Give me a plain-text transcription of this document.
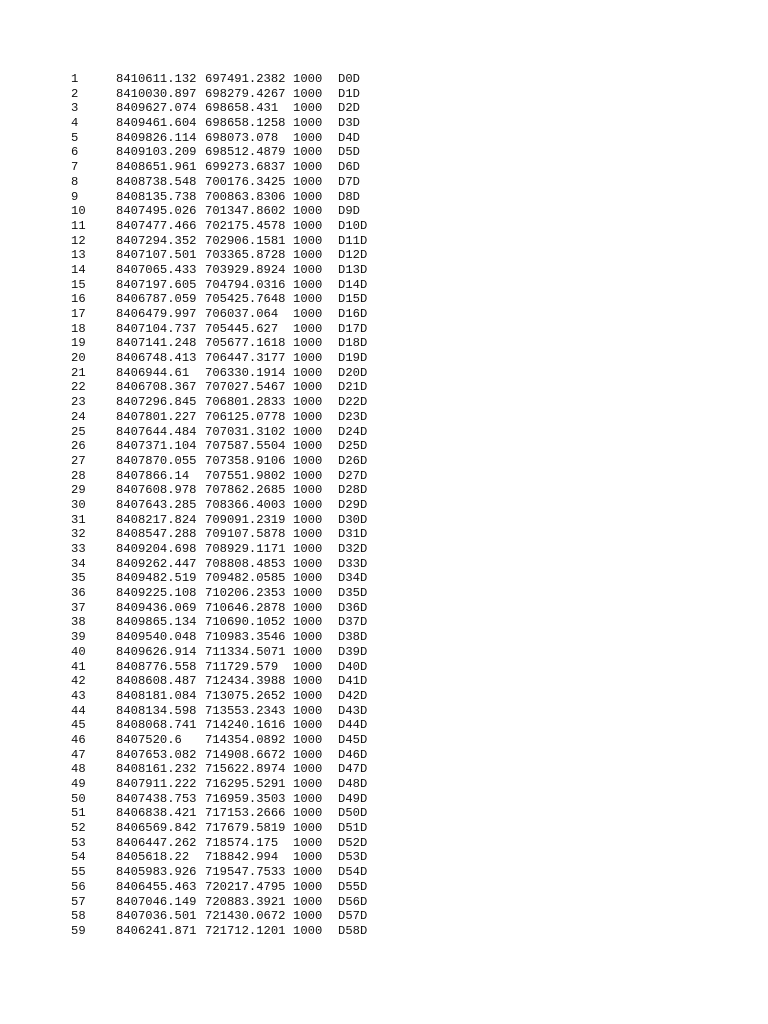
1	8410611.132 697491.2382 1000 D0D
2	8410030.897 698279.4267 1000 D1D
3	8409627.074 698658.431 1000 D2D
4	8409461.604 698658.1258 1000 D3D
5	8409826.114 698073.078 1000 D4D
6	8409103.209 698512.4879 1000 D5D
7	8408651.961 699273.6837 1000 D6D
8	8408738.548 700176.3425 1000 D7D
9	8408135.738 700863.8306 1000 D8D
10 8407495.026 701347.8602 1000 D9D
11 8407477.466 702175.4578 1000 D10D
12 8407294.352 702906.1581 1000 D11D
13 8407107.501 703365.8728 1000 D12D
14 8407065.433 703929.8924 1000 D13D
15 8407197.605 704794.0316 1000 D14D
16 8406787.059 705425.7648 1000 D15D
17 8406479.997 706037.064 1000 D16D
18 8407104.737 705445.627 1000 D17D
19 8407141.248 705677.1618 1000 D18D
20 8406748.413 706447.3177 1000 D19D
21 8406944.61 706330.1914 1000 D20D
22 8406708.367 707027.5467 1000 D21D
23 8407296.845 706801.2833 1000 D22D
24 8407801.227 706125.0778 1000 D23D
25 8407644.484 707031.3102 1000 D24D
26 8407371.104 707587.5504 1000 D25D
27 8407870.055 707358.9106 1000 D26D
28 8407866.14 707551.9802 1000 D27D
29 8407608.978 707862.2685 1000 D28D
30 8407643.285 708366.4003 1000 D29D
31 8408217.824 709091.2319 1000 D30D
32 8408547.288 709107.5878 1000 D31D
33 8409204.698 708929.1171 1000 D32D
34 8409262.447 708808.4853 1000 D33D
35 8409482.519 709482.0585 1000 D34D
36 8409225.108 710206.2353 1000 D35D
37 8409436.069 710646.2878 1000 D36D
38 8409865.134 710690.1052 1000 D37D
39 8409540.048 710983.3546 1000 D38D
40 8409626.914 711334.5071 1000 D39D
41 8408776.558 711729.579 1000 D40D
42 8408608.487 712434.3988 1000 D41D
43 8408181.084 713075.2652 1000 D42D
44 8408134.598 713553.2343 1000 D43D
45 8408068.741 714240.1616 1000 D44D
46 8407520.6 714354.0892 1000 D45D
47 8407653.082 714908.6672 1000 D46D
48 8408161.232 715622.8974 1000 D47D
49 8407911.222 716295.5291 1000 D48D
50 8407438.753 716959.3503 1000 D49D
51 8406838.421 717153.2666 1000 D50D
52 8406569.842 717679.5819 1000 D51D
53 8406447.262 718574.175 1000 D52D
54 8405618.22 718842.994 1000 D53D
55 8405983.926 719547.7533 1000 D54D
56 8406455.463 720217.4795 1000 D55D
57 8407046.149 720883.3921 1000 D56D
58 8407036.501 721430.0672 1000 D57D
59 8406241.871 721712.1201 1000 D58D
